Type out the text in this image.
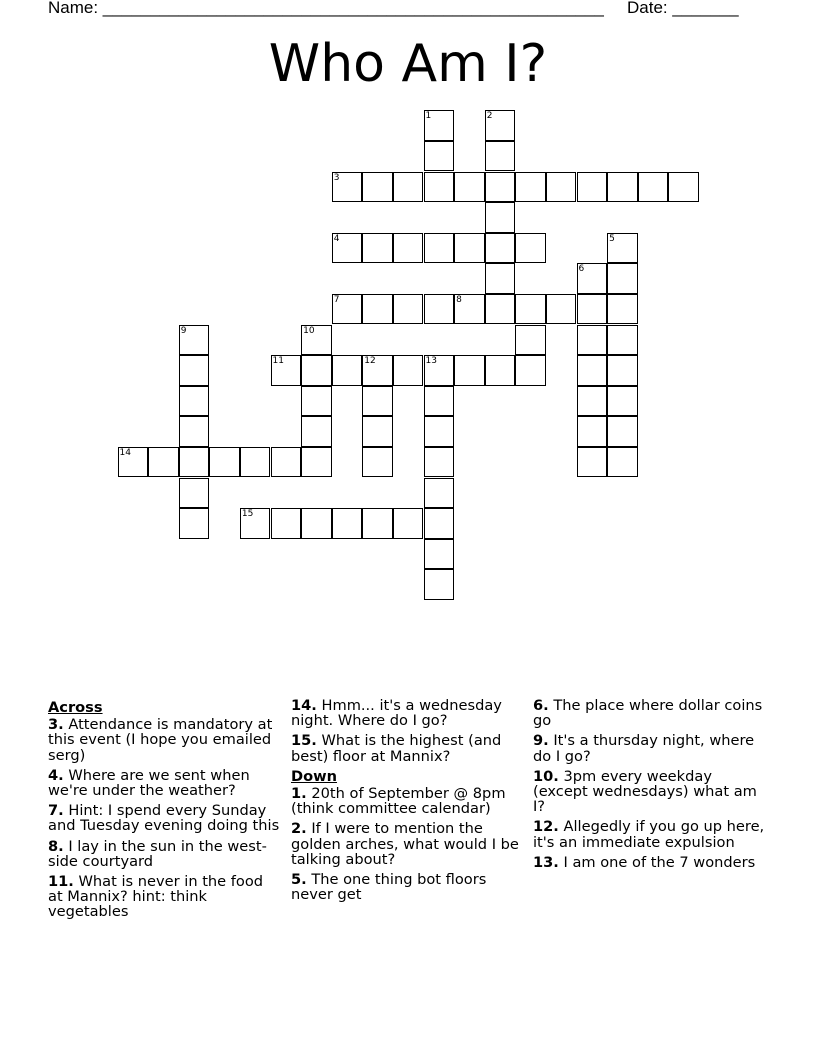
Name: _____________________________________________________ Date: _______
Who Am I?
1	2
3
4	5
6
7	8
9	10
11	12	13
14
15
Across
3. Attendance is mandatory at this event (I hope you emailed serg)
4. Where are we sent when we're under the weather?
7. Hint: I spend every Sunday and Tuesday evening doing this
8. I lay in the sun in the west-side courtyard
11. What is never in the food at Mannix? hint: think vegetables
14. Hmm... it's a wednesday night. Where do I go?
15. What is the highest (and best) floor at Mannix?
Down
1. 20th of September @ 8pm (think committee calendar)
2. If I were to mention the golden arches, what would I be talking about?
5. The one thing bot floors never get
6. The place where dollar coins go
9. It's a thursday night, where do I go?
10. 3pm every weekday (except wednesdays) what am I?
12. Allegedly if you go up here, it's an immediate expulsion
13. I am one of the 7 wonders
